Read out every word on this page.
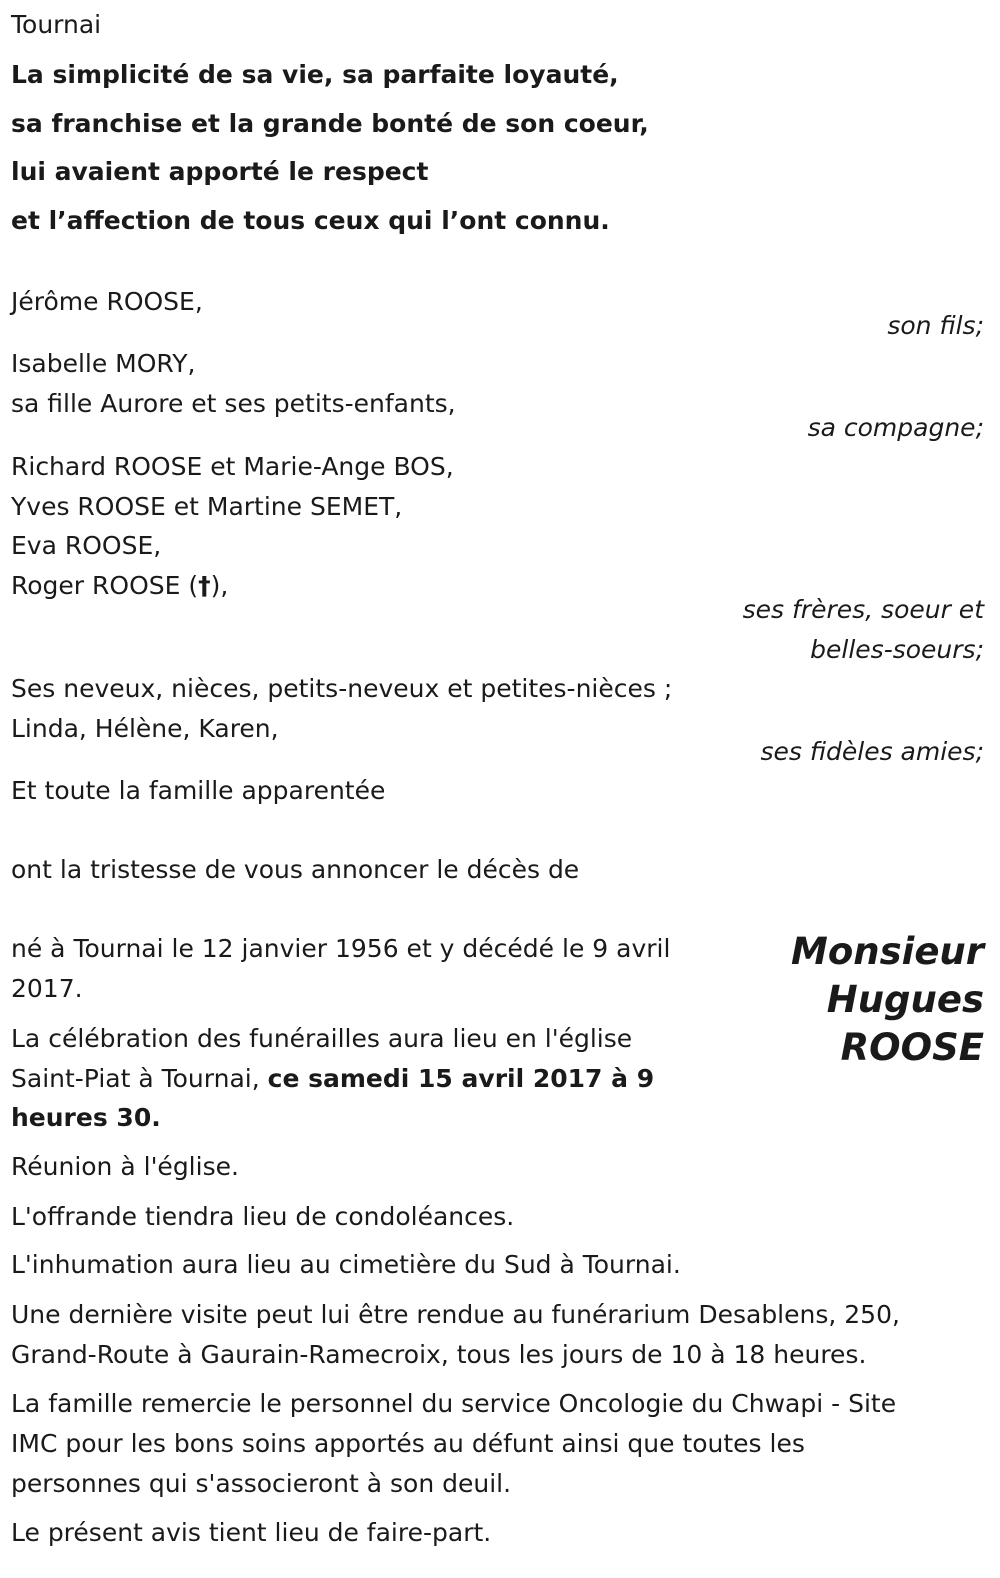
Tournai

La simplicité de sa vie, sa parfaite loyauté,

sa franchise et la grande bonté de son coeur,

lui avaient apporté le respect

et l’affection de tous ceux qui l’ont connu.

Jérôme ROOSE,

son fils;

Isabelle MORY,

sa fille Aurore et ses petits-enfants,

sa compagne;

Richard ROOSE et Marie-Ange BOS,

Yves ROOSE et Martine SEMET,

Eva ROOSE,

Roger ROOSE (†),

ses frères, soeur et
belles-soeurs;

Ses neveux, nièces, petits-neveux et petites-nièces ;

Linda, Hélène, Karen,

ses fidèles amies;

Et toute la famille apparentée

ont la tristesse de vous annoncer le décès de

Monsieur
Hugues
ROOSE

né à Tournai le 12 janvier 1956 et y décédé le 9 avril

2017.

La célébration des funérailles aura lieu en l'église

Saint-Piat à Tournai, ce samedi 15 avril 2017 à 9

heures 30.

Réunion à l'église.

L'offrande tiendra lieu de condoléances.

L'inhumation aura lieu au cimetière du Sud à Tournai.

Une dernière visite peut lui être rendue au funérarium Desablens, 250,

Grand-Route à Gaurain-Ramecroix, tous les jours de 10 à 18 heures.

La famille remercie le personnel du service Oncologie du Chwapi - Site

IMC pour les bons soins apportés au défunt ainsi que toutes les

personnes qui s'associeront à son deuil.

Le présent avis tient lieu de faire-part.
